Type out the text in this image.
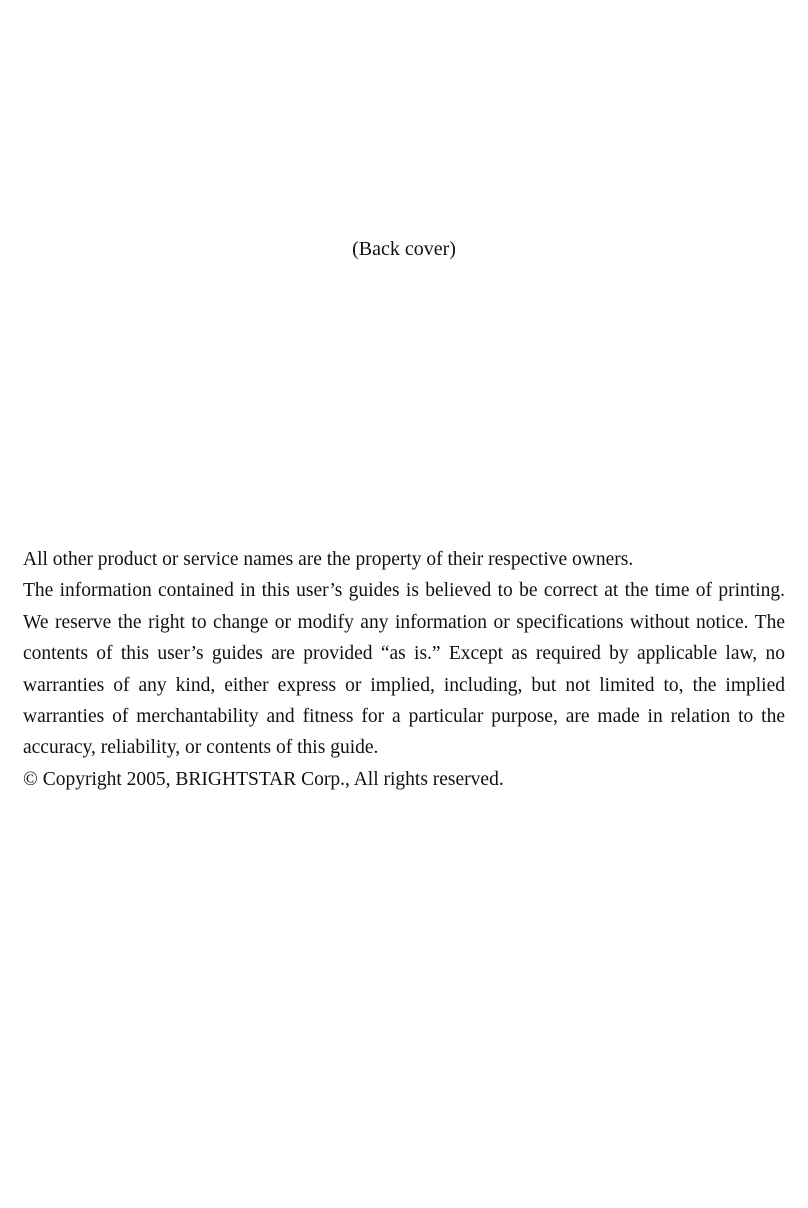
(Back cover)

All other product or service names are the property of their respective owners.

The information contained in this user’s guides is believed to be correct at the time of printing. We reserve the right to change or modify any information or specifications without notice. The contents of this user’s guides are provided “as is.” Except as required by applicable law, no warranties of any kind, either express or implied, including, but not limited to, the implied warranties of merchantability and fitness for a particular purpose, are made in relation to the accuracy, reliability, or contents of this guide.

© Copyright 2005, BRIGHTSTAR Corp., All rights reserved.
